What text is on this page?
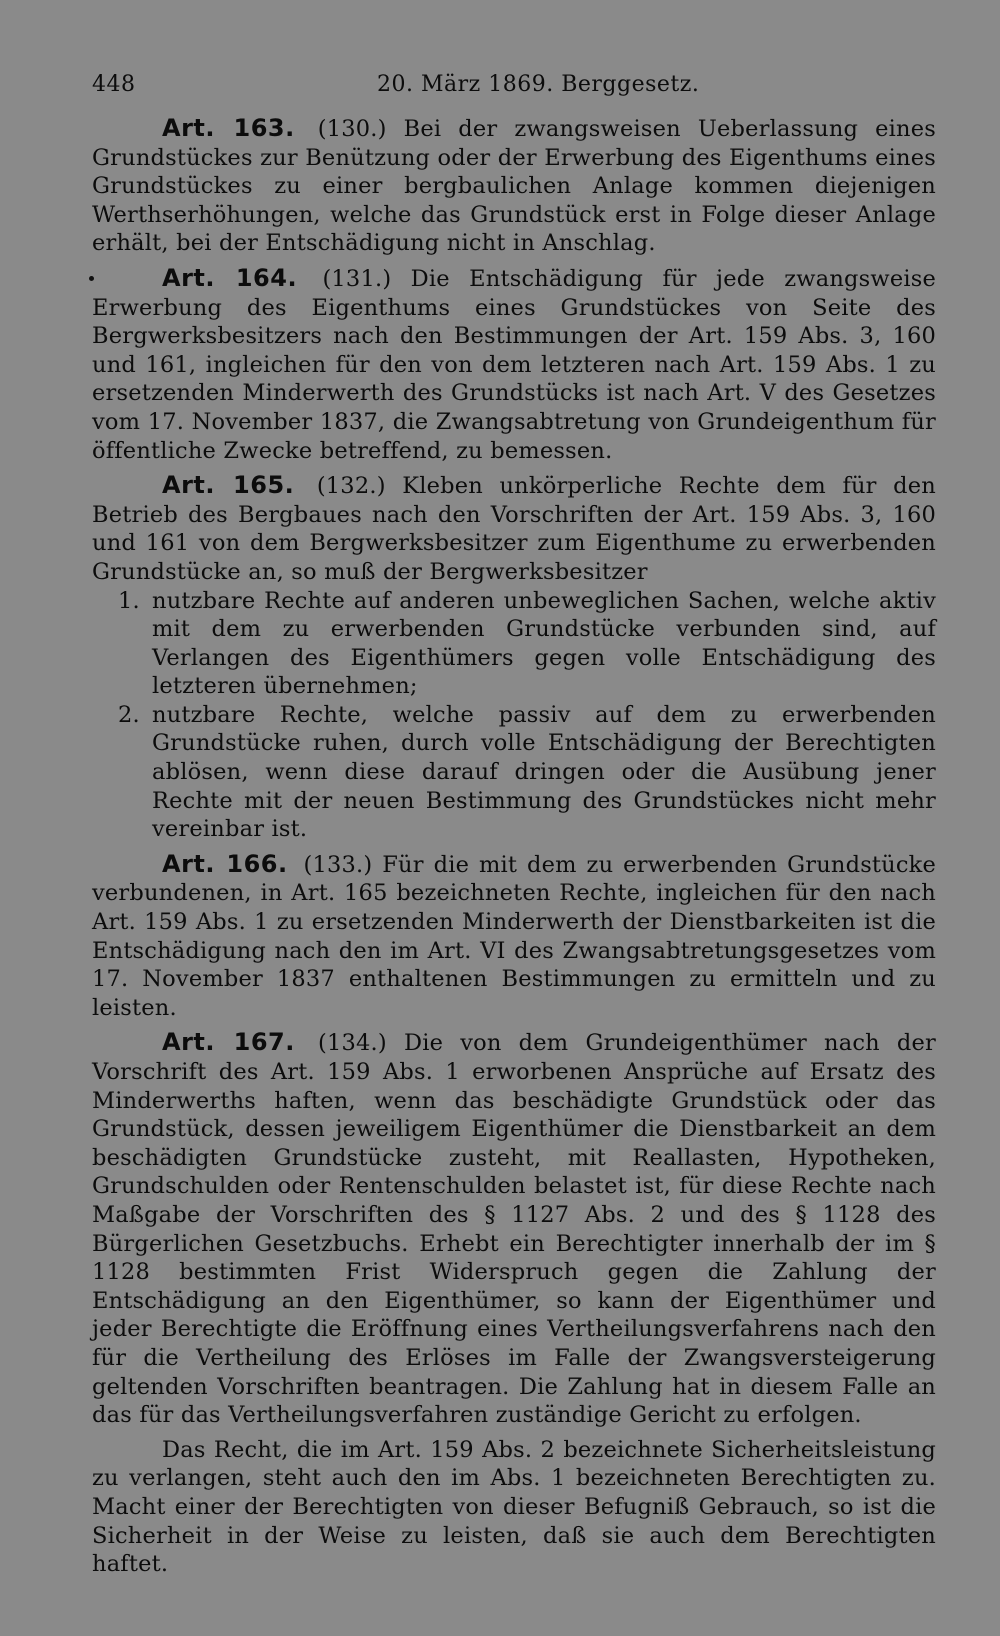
448	20. März 1869. Berggesetz.

Art. 163. (130.) Bei der zwangsweisen Ueberlassung eines Grundstückes zur Benützung oder der Erwerbung des Eigenthums eines Grundstückes zu einer bergbaulichen Anlage kommen diejenigen Werthserhöhungen, welche das Grundstück erst in Folge dieser Anlage erhält, bei der Entschädigung nicht in Anschlag.

Art. 164. (131.) Die Entschädigung für jede zwangsweise Erwerbung des Eigenthums eines Grundstückes von Seite des Bergwerksbesitzers nach den Bestimmungen der Art. 159 Abs. 3, 160 und 161, ingleichen für den von dem letzteren nach Art. 159 Abs. 1 zu ersetzenden Minderwerth des Grundstücks ist nach Art. V des Gesetzes vom 17. November 1837, die Zwangsabtretung von Grundeigenthum für öffentliche Zwecke betreffend, zu bemessen.

Art. 165. (132.) Kleben unkörperliche Rechte dem für den Betrieb des Bergbaues nach den Vorschriften der Art. 159 Abs. 3, 160 und 161 von dem Bergwerksbesitzer zum Eigenthume zu erwerbenden Grundstücke an, so muß der Bergwerksbesitzer

1. nutzbare Rechte auf anderen unbeweglichen Sachen, welche aktiv mit dem zu erwerbenden Grundstücke verbunden sind, auf Verlangen des Eigenthümers gegen volle Entschädigung des letzteren übernehmen;
2. nutzbare Rechte, welche passiv auf dem zu erwerbenden Grundstücke ruhen, durch volle Entschädigung der Berechtigten ablösen, wenn diese darauf dringen oder die Ausübung jener Rechte mit der neuen Bestimmung des Grundstückes nicht mehr vereinbar ist.

Art. 166. (133.) Für die mit dem zu erwerbenden Grundstücke verbundenen, in Art. 165 bezeichneten Rechte, ingleichen für den nach Art. 159 Abs. 1 zu ersetzenden Minderwerth der Dienstbarkeiten ist die Entschädigung nach den im Art. VI des Zwangsabtretungsgesetzes vom 17. November 1837 enthaltenen Bestimmungen zu ermitteln und zu leisten.

Art. 167. (134.) Die von dem Grundeigenthümer nach der Vorschrift des Art. 159 Abs. 1 erworbenen Ansprüche auf Ersatz des Minderwerths haften, wenn das beschädigte Grundstück oder das Grundstück, dessen jeweiligem Eigenthümer die Dienstbarkeit an dem beschädigten Grundstücke zusteht, mit Reallasten, Hypotheken, Grundschulden oder Rentenschulden belastet ist, für diese Rechte nach Maßgabe der Vorschriften des § 1127 Abs. 2 und des § 1128 des Bürgerlichen Gesetzbuchs. Erhebt ein Berechtigter innerhalb der im § 1128 bestimmten Frist Widerspruch gegen die Zahlung der Entschädigung an den Eigenthümer, so kann der Eigenthümer und jeder Berechtigte die Eröffnung eines Vertheilungsverfahrens nach den für die Vertheilung des Erlöses im Falle der Zwangsversteigerung geltenden Vorschriften beantragen. Die Zahlung hat in diesem Falle an das für das Vertheilungsverfahren zuständige Gericht zu erfolgen.

Das Recht, die im Art. 159 Abs. 2 bezeichnete Sicherheitsleistung zu verlangen, steht auch den im Abs. 1 bezeichneten Berechtigten zu. Macht einer der Berechtigten von dieser Befugniß Gebrauch, so ist die Sicherheit in der Weise zu leisten, daß sie auch dem Berechtigten haftet.
